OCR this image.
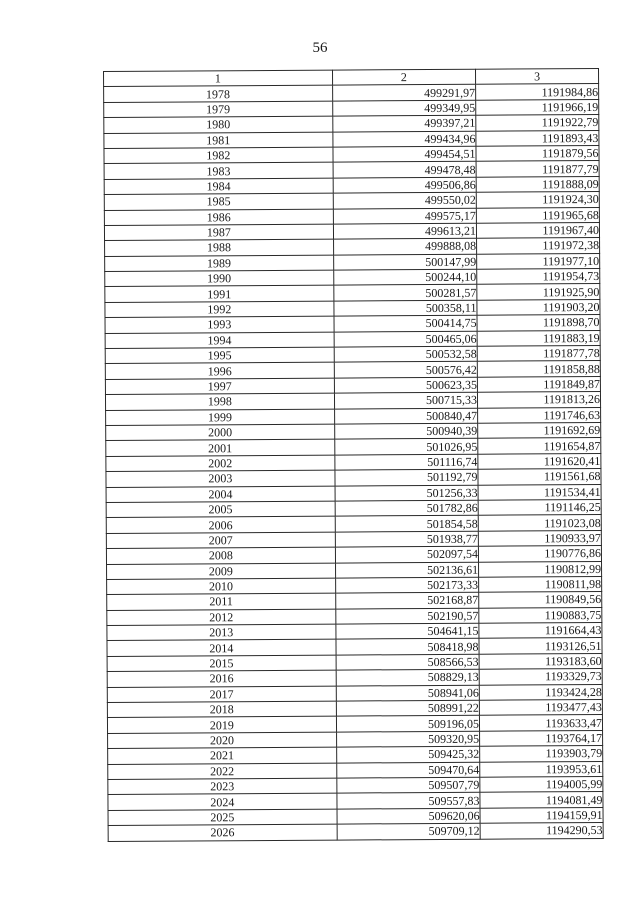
56
1	2	3
1978	499291,97	1191984,86
1979	499349,95	1191966,19
1980	499397,21	1191922,79
1981	499434,96	1191893,43
1982	499454,51	1191879,56
1983	499478,48	1191877,79
1984	499506,86	1191888,09
1985	499550,02	1191924,30
1986	499575,17	1191965,68
1987	499613,21	1191967,40
1988	499888,08	1191972,38
1989	500147,99	1191977,10
1990	500244,10	1191954,73
1991	500281,57	1191925,90
1992	500358,11	1191903,20
1993	500414,75	1191898,70
1994	500465,06	1191883,19
1995	500532,58	1191877,78
1996	500576,42	1191858,88
1997	500623,35	1191849,87
1998	500715,33	1191813,26
1999	500840,47	1191746,63
2000	500940,39	1191692,69
2001	501026,95	1191654,87
2002	501116,74	1191620,41
2003	501192,79	1191561,68
2004	501256,33	1191534,41
2005	501782,86	1191146,25
2006	501854,58	1191023,08
2007	501938,77	1190933,97
2008	502097,54	1190776,86
2009	502136,61	1190812,99
2010	502173,33	1190811,98
2011	502168,87	1190849,56
2012	502190,57	1190883,75
2013	504641,15	1191664,43
2014	508418,98	1193126,51
2015	508566,53	1193183,60
2016	508829,13	1193329,73
2017	508941,06	1193424,28
2018	508991,22	1193477,43
2019	509196,05	1193633,47
2020	509320,95	1193764,17
2021	509425,32	1193903,79
2022	509470,64	1193953,61
2023	509507,79	1194005,99
2024	509557,83	1194081,49
2025	509620,06	1194159,91
2026	509709,12	1194290,53
